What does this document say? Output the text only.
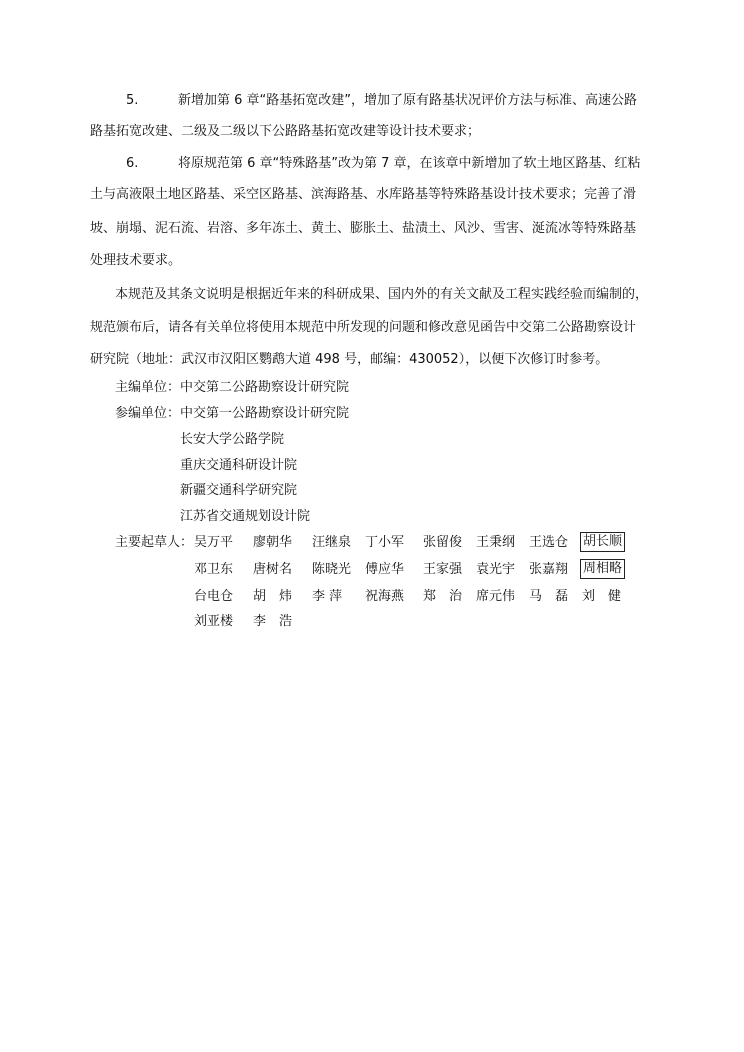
5.	新增加第 6 章“路基拓宽改建”，增加了原有路基状况评价方法与标准、高速公路
路基拓宽改建、二级及二级以下公路路基拓宽改建等设计技术要求；
6.	将原规范第 6 章“特殊路基”改为第 7 章，在该章中新增加了软土地区路基、红粘
土与高液限土地区路基、采空区路基、滨海路基、水库路基等特殊路基设计技术要求；完善了滑
坡、崩塌、泥石流、岩溶、多年冻土、黄土、膨胀土、盐渍土、风沙、雪害、涎流冰等特殊路基
处理技术要求。
本规范及其条文说明是根据近年来的科研成果、国内外的有关文献及工程实践经验而编制的，
规范颁布后，请各有关单位将使用本规范中所发现的问题和修改意见函告中交第二公路勘察设计
研究院（地址：武汉市汉阳区鹦鹉大道 498 号，邮编：430052），以便下次修订时参考。
主编单位： 中交第二公路勘察设计研究院
参编单位： 中交第一公路勘察设计研究院
长安大学公路学院
重庆交通科研设计院
新疆交通科学研究院
江苏省交通规划设计院
主要起草人： 吴万平 廖朝华 汪继泉 丁小军 张留俊 王秉纲 王选仓 胡长顺
邓卫东 唐树名 陈晓光 傅应华 王家强 袁光宇 张嘉翔 周相略
台电仓 胡　炜 李 萍 祝海燕 郑　治 席元伟 马　磊 刘　健
刘亚楼 李　浩
